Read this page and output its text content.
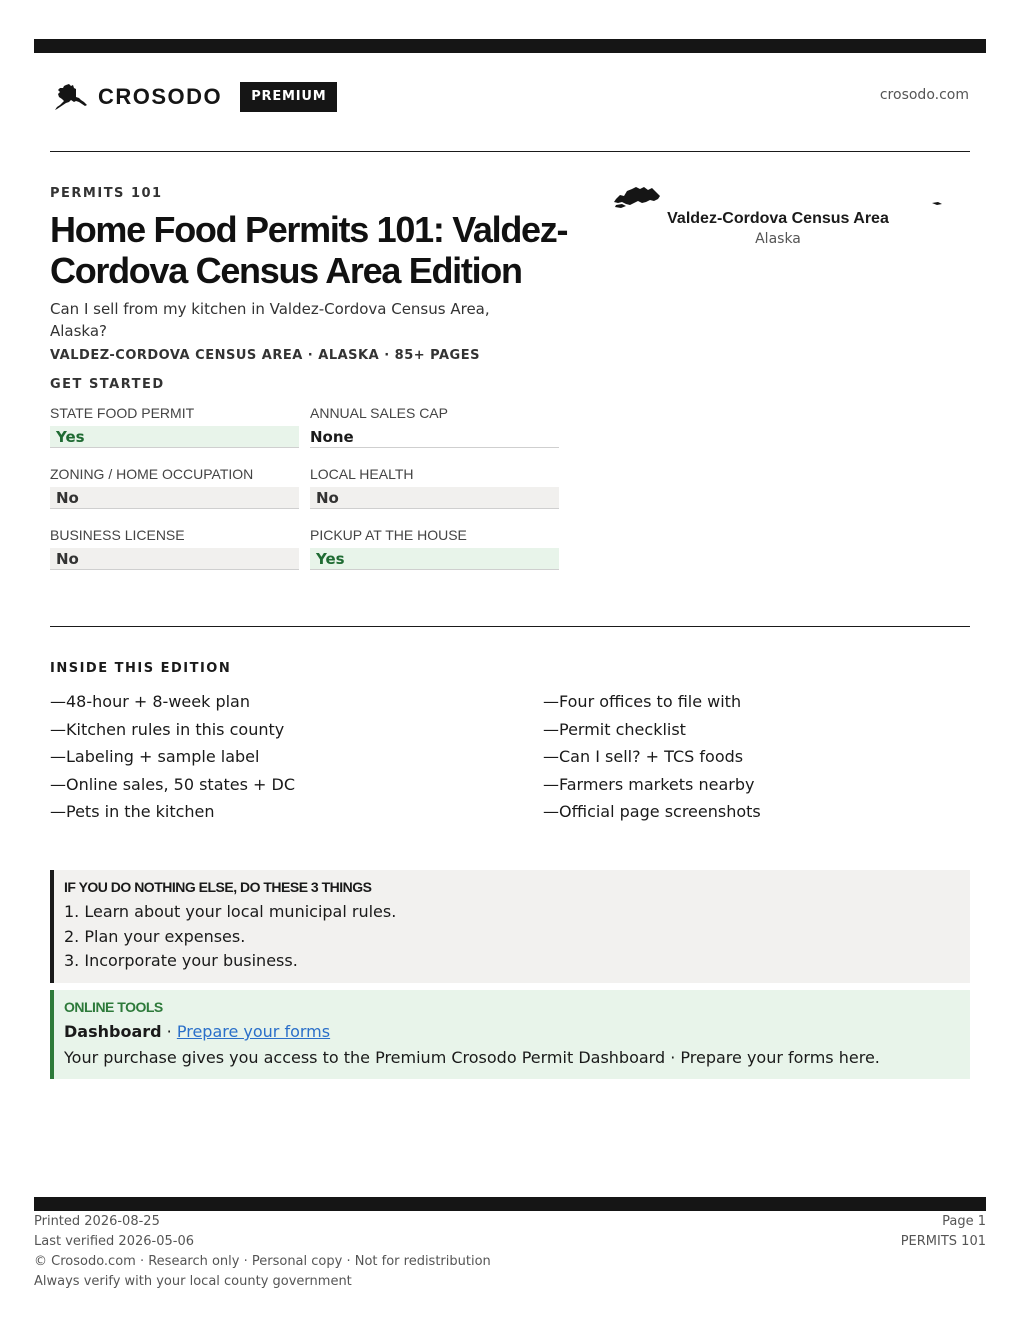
CROSODO	PREMIUM	crosodo.com
PERMITS 101
Home Food Permits 101: Valdez-Cordova Census Area Edition

Can I sell from my kitchen in Valdez-Cordova Census Area, Alaska?

VALDEZ-CORDOVA CENSUS AREA · ALASKA · 85+ PAGES
GET STARTED
STATE FOOD PERMIT
Yes
ANNUAL SALES CAP
None
ZONING / HOME OCCUPATION
No
LOCAL HEALTH
No
BUSINESS LICENSE
No
PICKUP AT THE HOUSE
Yes
Valdez-Cordova Census Area
Alaska
INSIDE THIS EDITION
—48-hour + 8-week plan
—Kitchen rules in this county
—Labeling + sample label
—Online sales, 50 states + DC
—Pets in the kitchen
—Four offices to file with
—Permit checklist
—Can I sell? + TCS foods
—Farmers markets nearby
—Official page screenshots
IF YOU DO NOTHING ELSE, DO THESE 3 THINGS
1. Learn about your local municipal rules.
2. Plan your expenses.
3. Incorporate your business.
ONLINE TOOLS
Dashboard · Prepare your forms
Your purchase gives you access to the Premium Crosodo Permit Dashboard · Prepare your forms here.
Printed 2026-08-25
Last verified 2026-05-06
© Crosodo.com · Research only · Personal copy · Not for redistribution
Always verify with your local county government
Page 1
PERMITS 101
